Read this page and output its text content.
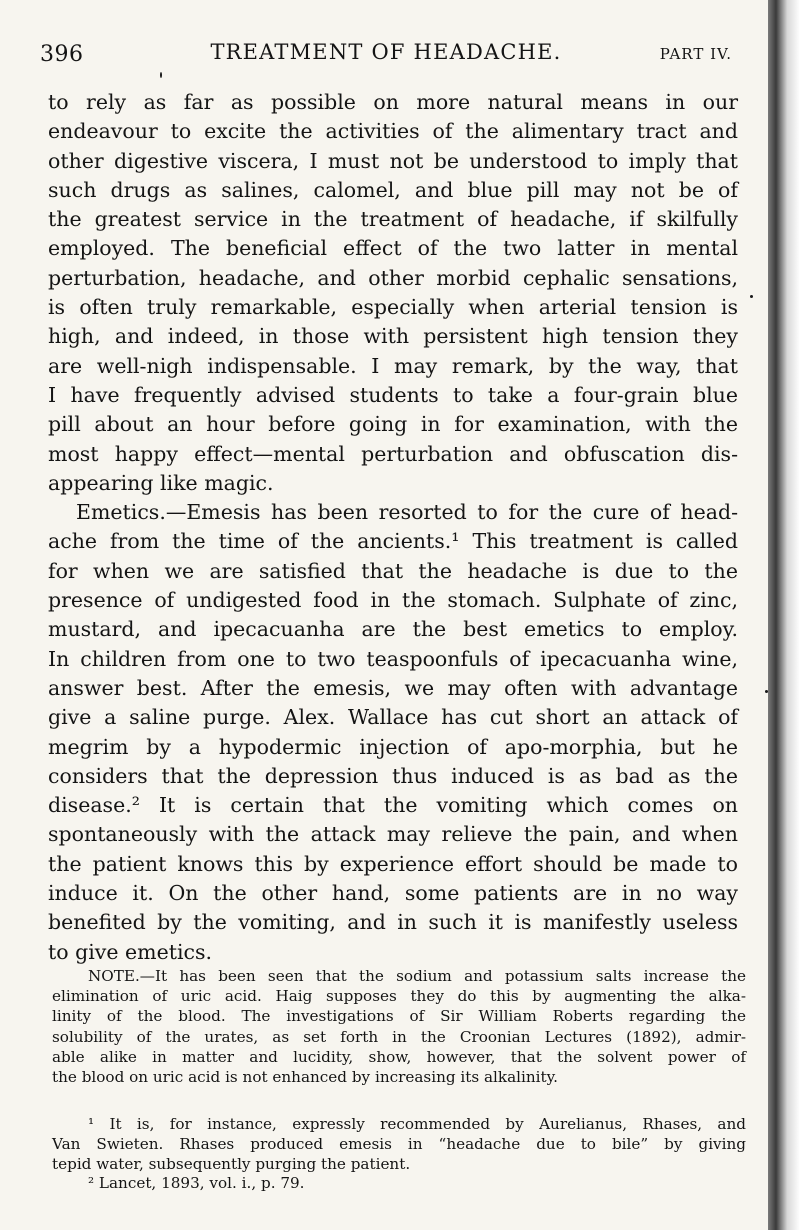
396	TREATMENT OF HEADACHE.	PART IV.
to rely as far as possible on more natural means in our
endeavour to excite the activities of the alimentary tract and
other digestive viscera, I must not be understood to imply that
such drugs as salines, calomel, and blue pill may not be of
the greatest service in the treatment of headache, if skilfully
employed. The beneficial effect of the two latter in mental
perturbation, headache, and other morbid cephalic sensations,
is often truly remarkable, especially when arterial tension is
high, and indeed, in those with persistent high tension they
are well-nigh indispensable. I may remark, by the way, that
I have frequently advised students to take a four-grain blue
pill about an hour before going in for examination, with the
most happy effect—mental perturbation and obfuscation dis-
appearing like magic.
Emetics.—Emesis has been resorted to for the cure of head-
ache from the time of the ancients.¹ This treatment is called
for when we are satisfied that the headache is due to the
presence of undigested food in the stomach. Sulphate of zinc,
mustard, and ipecacuanha are the best emetics to employ.
In children from one to two teaspoonfuls of ipecacuanha wine,
answer best. After the emesis, we may often with advantage
give a saline purge. Alex. Wallace has cut short an attack of
megrim by a hypodermic injection of apo-morphia, but he
considers that the depression thus induced is as bad as the
disease.² It is certain that the vomiting which comes on
spontaneously with the attack may relieve the pain, and when
the patient knows this by experience effort should be made to
induce it. On the other hand, some patients are in no way
benefited by the vomiting, and in such it is manifestly useless
to give emetics.
NOTE.—It has been seen that the sodium and potassium salts increase the
elimination of uric acid. Haig supposes they do this by augmenting the alka-
linity of the blood. The investigations of Sir William Roberts regarding the
solubility of the urates, as set forth in the Croonian Lectures (1892), admir-
able alike in matter and lucidity, show, however, that the solvent power of
the blood on uric acid is not enhanced by increasing its alkalinity.
¹ It is, for instance, expressly recommended by Aurelianus, Rhases, and
Van Swieten. Rhases produced emesis in “headache due to bile” by giving
tepid water, subsequently purging the patient.
² Lancet, 1893, vol. i., p. 79.
